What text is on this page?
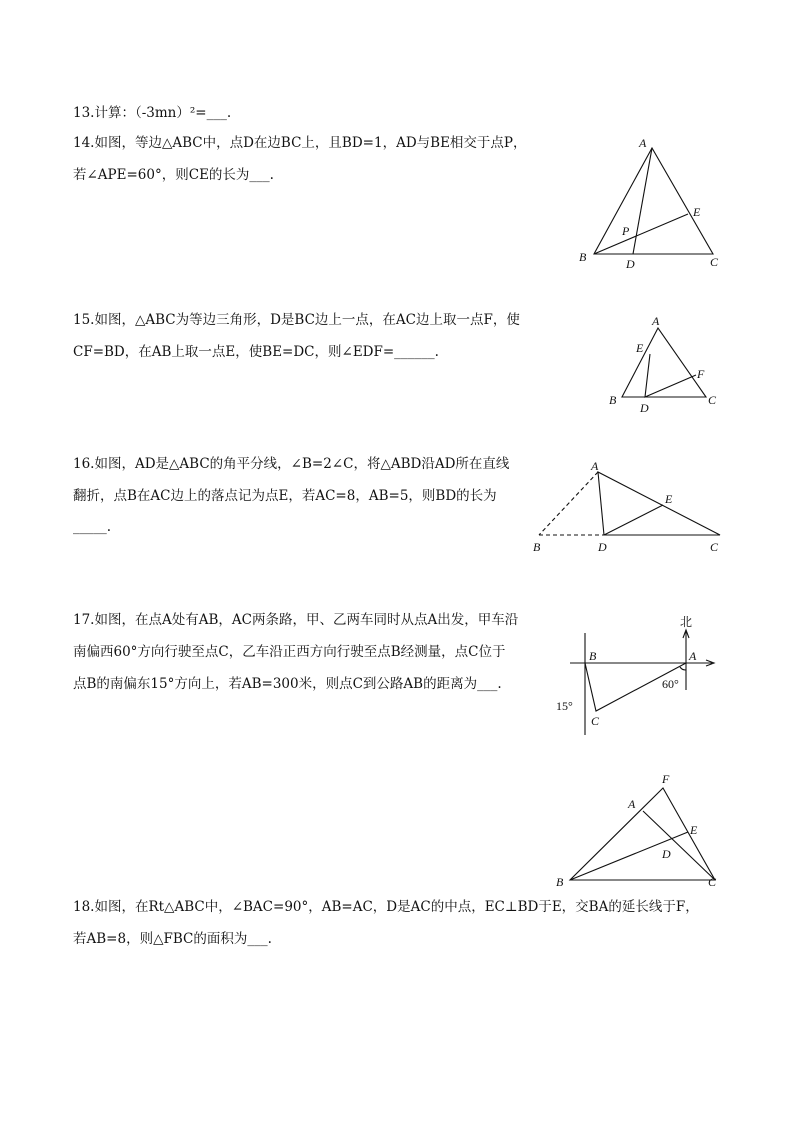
13.计算：（-3mn）²=___.
14.如图，等边△ABC中，点D在边BC上，且BD=1，AD与BE相交于点P，
若∠APE=60°，则CE的长为___.
A
B	C
D
E
P
15.如图，△ABC为等边三角形，D是BC边上一点，在AC边上取一点F，使
CF=BD，在AB上取一点E，使BE=DC，则∠EDF=______.
A
B	C
D
E
F
16.如图，AD是△ABC的角平分线，∠B=2∠C，将△ABD沿AD所在直线
翻折，点B在AC边上的落点记为点E，若AC=8，AB=5，则BD的长为
_____.
A
B	C
D
E
17.如图，在点A处有AB，AC两条路，甲、乙两车同时从点A出发，甲车沿
南偏西60°方向行驶至点C，乙车沿正西方向行驶至点B经测量，点C位于
点B的南偏东15°方向上，若AB=300米，则点C到公路AB的距离为___.
北
A
B
C
60°
15°
A
B	C
D
E
F
18.如图，在Rt△ABC中，∠BAC=90°，AB=AC，D是AC的中点，EC⊥BD于E，交BA的延长线于F，
若AB=8，则△FBC的面积为___.
